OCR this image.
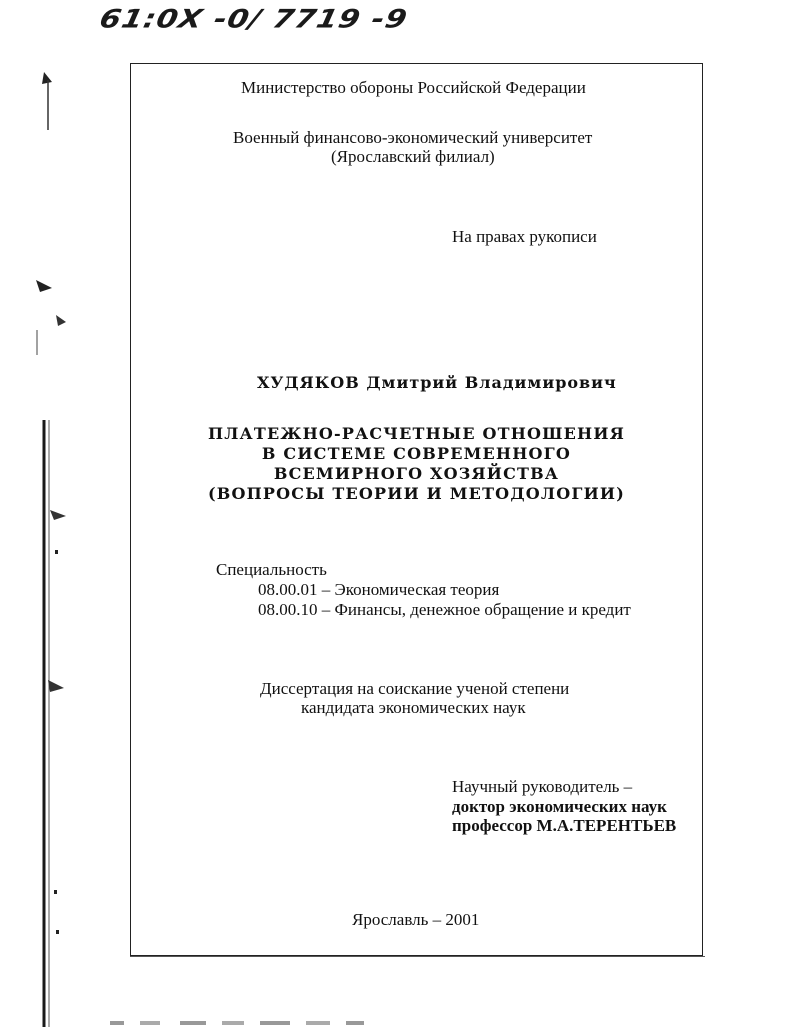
61:0Х -0/ 7719 -9
Министерство обороны Российской Федерации
Военный финансово-экономический университет
(Ярославский филиал)
На правах рукописи
ХУДЯКОВ Дмитрий Владимирович
ПЛАТЕЖНО-РАСЧЕТНЫЕ ОТНОШЕНИЯ
В СИСТЕМЕ СОВРЕМЕННОГО
ВСЕМИРНОГО ХОЗЯЙСТВА
(ВОПРОСЫ ТЕОРИИ И МЕТОДОЛОГИИ)
Специальность
08.00.01 – Экономическая теория
08.00.10 – Финансы, денежное обращение и кредит
Диссертация на соискание ученой степени
кандидата экономических наук
Научный руководитель –
доктор экономических наук
профессор М.А.ТЕРЕНТЬЕВ
Ярославль – 2001
